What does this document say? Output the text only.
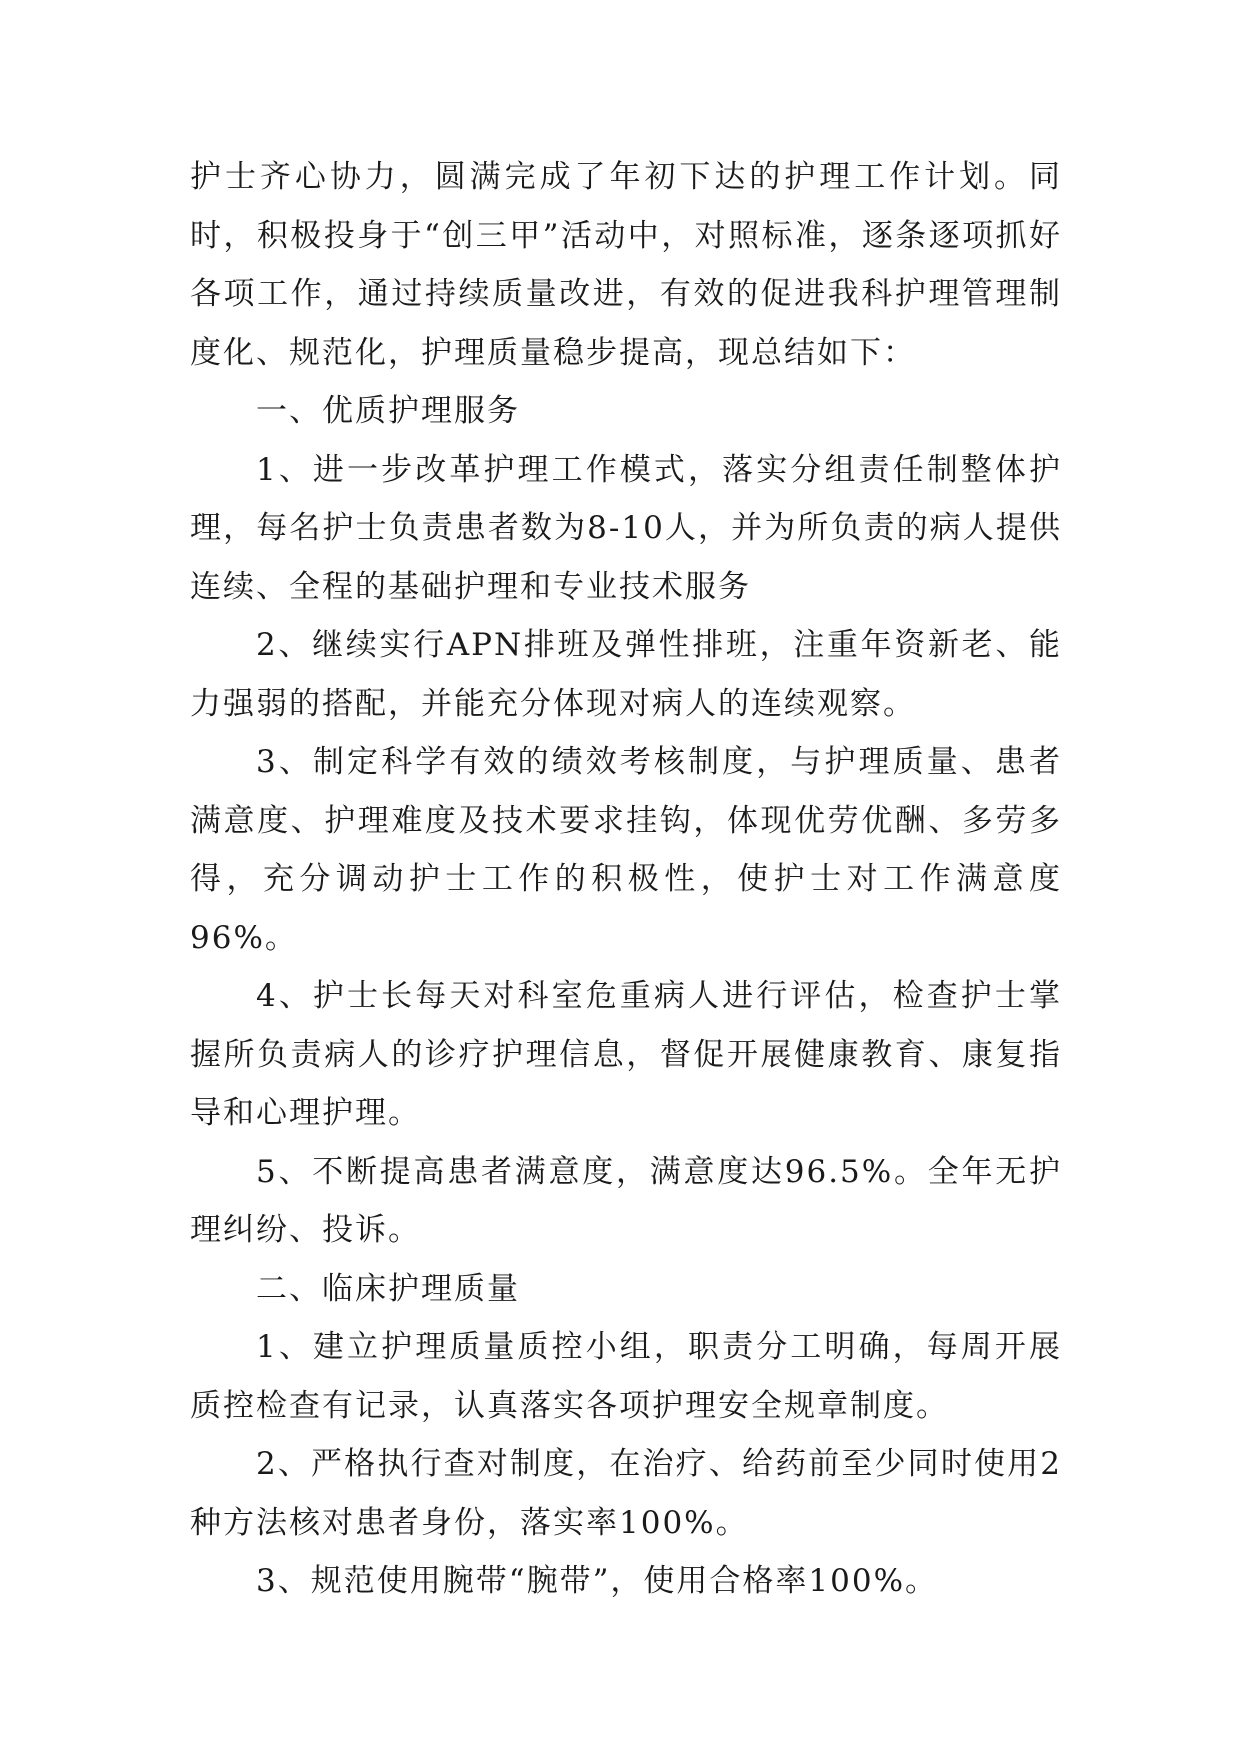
护士齐心协力，圆满完成了年初下达的护理工作计划。同时，积极投身于“创三甲”活动中，对照标准，逐条逐项抓好各项工作，通过持续质量改进，有效的促进我科护理管理制度化、规范化，护理质量稳步提高，现总结如下：

一、优质护理服务

1、进一步改革护理工作模式，落实分组责任制整体护理，每名护士负责患者数为8-10人，并为所负责的病人提供连续、全程的基础护理和专业技术服务

2、继续实行APN排班及弹性排班，注重年资新老、能力强弱的搭配，并能充分体现对病人的连续观察。

3、制定科学有效的绩效考核制度，与护理质量、患者满意度、护理难度及技术要求挂钩，体现优劳优酬、多劳多得，充分调动护士工作的积极性，使护士对工作满意度96%。

4、护士长每天对科室危重病人进行评估，检查护士掌握所负责病人的诊疗护理信息，督促开展健康教育、康复指导和心理护理。

5、不断提高患者满意度，满意度达96.5%。全年无护理纠纷、投诉。

二、临床护理质量

1、建立护理质量质控小组，职责分工明确，每周开展质控检查有记录，认真落实各项护理安全规章制度。

2、严格执行查对制度，在治疗、给药前至少同时使用2种方法核对患者身份，落实率100%。

3、规范使用腕带“腕带”，使用合格率100%。
